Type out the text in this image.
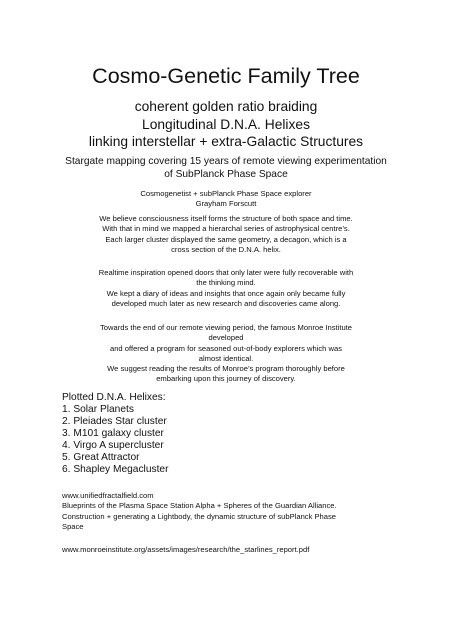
Cosmo-Genetic Family Tree
coherent golden ratio braiding
Longitudinal D.N.A. Helixes
linking interstellar + extra-Galactic Structures
Stargate mapping covering 15 years of remote viewing experimentation
of SubPlanck Phase Space
Cosmogenetist + subPlanck Phase Space explorer
Grayham Forscutt
We believe consciousness itself forms the structure of both space and time.
With that in mind we mapped a hierarchal series of astrophysical centre’s.
Each larger cluster displayed the same geometry, a decagon, which is a
cross section of the D.N.A. helix.
Realtime inspiration opened doors that only later were fully recoverable with
the thinking mind.
We kept a diary of ideas and insights that once again only became fully
developed much later as new research and discoveries came along.
Towards the end of our remote viewing period, the famous Monroe Institute
developed
and offered a program for seasoned out-of-body explorers which was
almost identical.
We suggest reading the results of Monroe’s program thoroughly before
embarking upon this journey of discovery.
Plotted D.N.A. Helixes:
1. Solar Planets
2. Pleiades Star cluster
3. M101 galaxy cluster
4. Virgo A supercluster
5. Great Attractor
6. Shapley Megacluster
www.unifiedfractalfield.com
Blueprints of the Plasma Space Station Alpha + Spheres of the Guardian Alliance.
Construction + generating a Lightbody, the dynamic structure of subPlanck Phase
Space
www.monroeinstitute.org/assets/images/research/the_starlines_report.pdf
